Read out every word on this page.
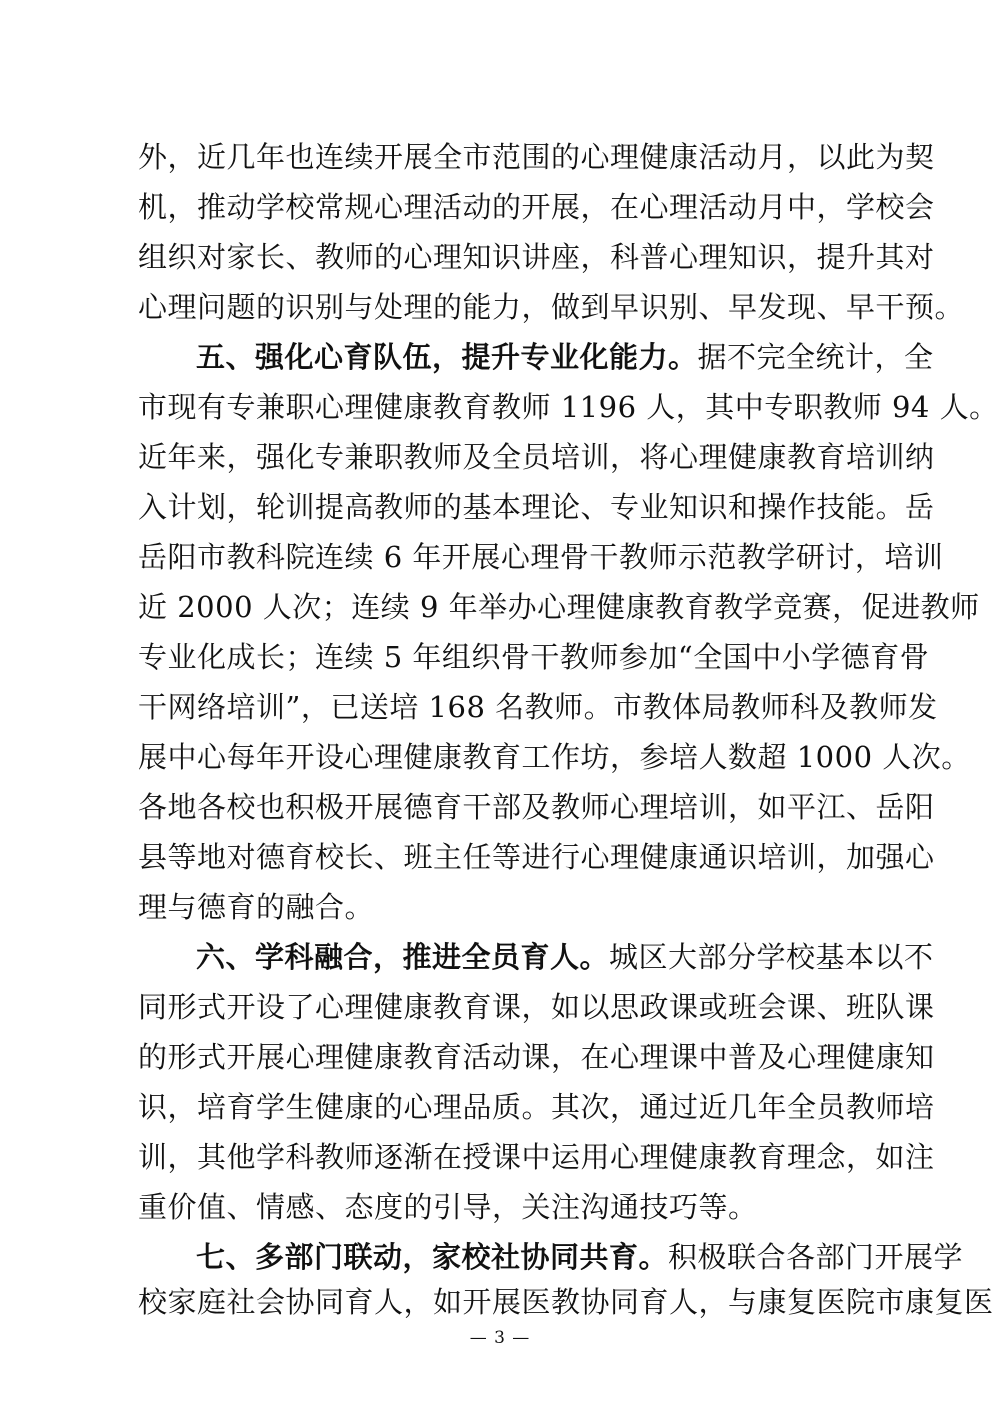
外，近几年也连续开展全市范围的心理健康活动月，以此为契
机，推动学校常规心理活动的开展，在心理活动月中，学校会
组织对家长、教师的心理知识讲座，科普心理知识，提升其对
心理问题的识别与处理的能力，做到早识别、早发现、早干预。
五、强化心育队伍，提升专业化能力。据不完全统计，全
市现有专兼职心理健康教育教师 1196 人，其中专职教师 94 人。
近年来，强化专兼职教师及全员培训，将心理健康教育培训纳
入计划，轮训提高教师的基本理论、专业知识和操作技能。岳
岳阳市教科院连续 6 年开展心理骨干教师示范教学研讨，培训
近 2000 人次；连续 9 年举办心理健康教育教学竞赛，促进教师
专业化成长；连续 5 年组织骨干教师参加“全国中小学德育骨
干网络培训”，已送培 168 名教师。市教体局教师科及教师发
展中心每年开设心理健康教育工作坊，参培人数超 1000 人次。
各地各校也积极开展德育干部及教师心理培训，如平江、岳阳
县等地对德育校长、班主任等进行心理健康通识培训，加强心
理与德育的融合。
六、学科融合，推进全员育人。城区大部分学校基本以不
同形式开设了心理健康教育课，如以思政课或班会课、班队课
的形式开展心理健康教育活动课，在心理课中普及心理健康知
识，培育学生健康的心理品质。其次，通过近几年全员教师培
训，其他学科教师逐渐在授课中运用心理健康教育理念，如注
重价值、情感、态度的引导，关注沟通技巧等。
七、多部门联动，家校社协同共育。积极联合各部门开展学
校家庭社会协同育人，如开展医教协同育人，与康复医院市康复医
— 3 —
